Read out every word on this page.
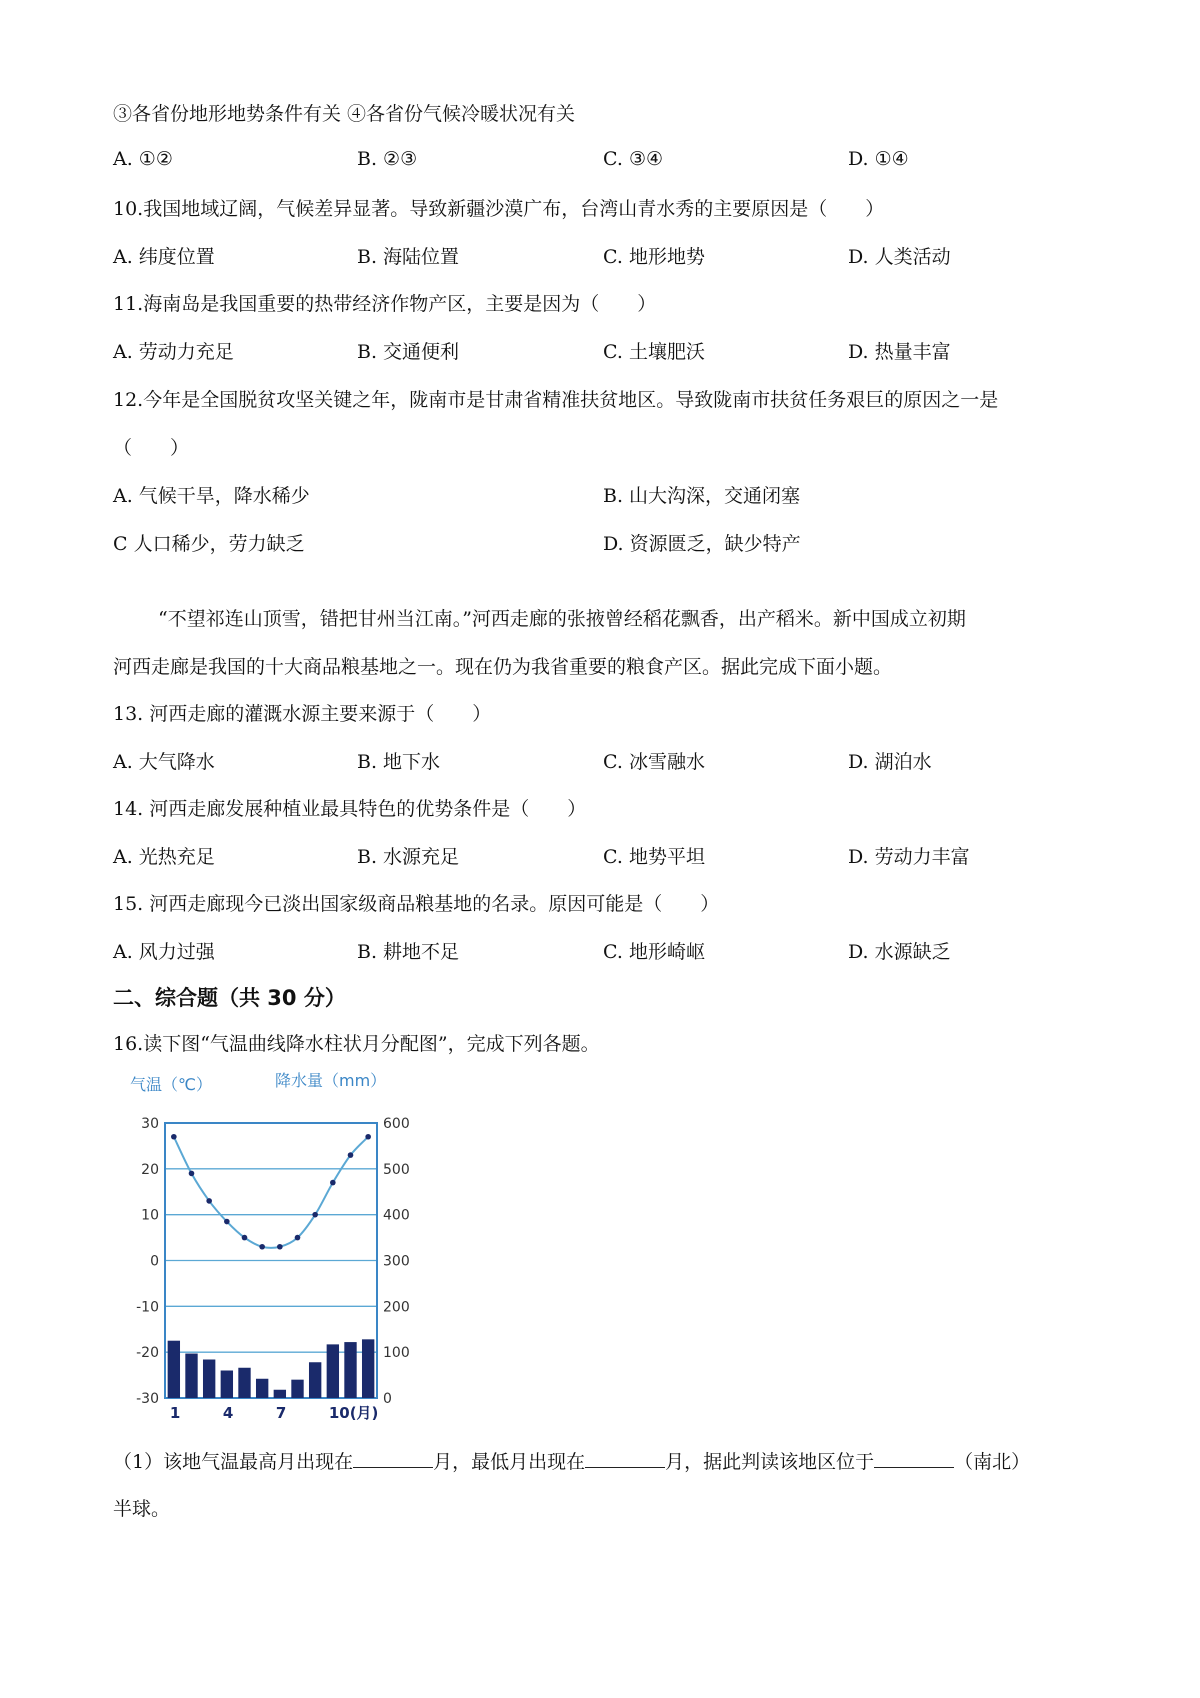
③各省份地形地势条件有关 ④各省份气候冷暖状况有关
A. ①②	B. ②③	C. ③④	D. ①④
10.我国地域辽阔，气候差异显著。导致新疆沙漠广布，台湾山青水秀的主要原因是（　　）
A. 纬度位置	B. 海陆位置	C. 地形地势	D. 人类活动
11.海南岛是我国重要的热带经济作物产区，主要是因为（　　）
A. 劳动力充足	B. 交通便利	C. 土壤肥沃	D. 热量丰富
12.今年是全国脱贫攻坚关键之年，陇南市是甘肃省精准扶贫地区。导致陇南市扶贫任务艰巨的原因之一是
（　　）
A. 气候干旱，降水稀少	B. 山大沟深，交通闭塞
C 人口稀少，劳力缺乏	D. 资源匮乏，缺少特产
“不望祁连山顶雪，错把甘州当江南。”河西走廊的张掖曾经稻花飘香，出产稻米。新中国成立初期
河西走廊是我国的十大商品粮基地之一。现在仍为我省重要的粮食产区。据此完成下面小题。
13. 河西走廊的灌溉水源主要来源于（　　）
A. 大气降水	B. 地下水	C. 冰雪融水	D. 湖泊水
14. 河西走廊发展种植业最具特色的优势条件是（　　）
A. 光热充足	B. 水源充足	C. 地势平坦	D. 劳动力丰富
15. 河西走廊现今已淡出国家级商品粮基地的名录。原因可能是（　　）
A. 风力过强	B. 耕地不足	C. 地形崎岖	D. 水源缺乏
二、综合题（共 30 分）
16.读下图“气温曲线降水柱状月分配图”，完成下列各题。
气温（℃）	降水量（mm）
30
20
10
0
-10
-20
-30
600
500
400
300
200
100
0
1	4	7	10(月)
（1）该地气温最高月出现在	月，最低月出现在	月，据此判读该地区位于	（南北）
半球。
